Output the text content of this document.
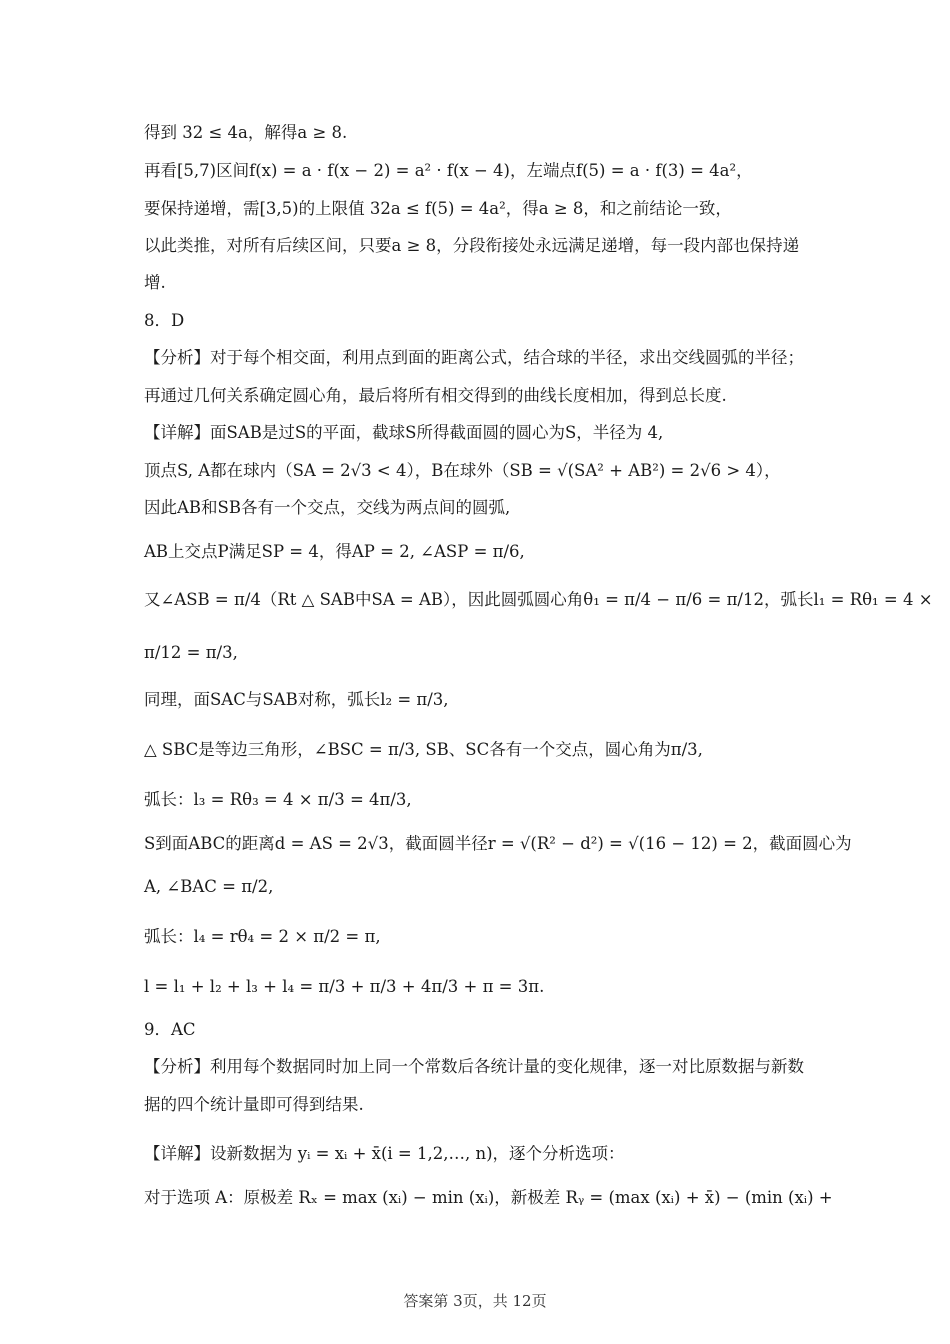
得到 32 ≤ 4a，解得a ≥ 8.
再看[5,7)区间f(x) = a · f(x − 2) = a² · f(x − 4)，左端点f(5) = a · f(3) = 4a²，
要保持递增，需[3,5)的上限值 32a ≤ f(5) = 4a²，得a ≥ 8，和之前结论一致，
以此类推，对所有后续区间，只要a ≥ 8，分段衔接处永远满足递增，每一段内部也保持递
增.
8．D
【分析】对于每个相交面，利用点到面的距离公式，结合球的半径，求出交线圆弧的半径；
再通过几何关系确定圆心角，最后将所有相交得到的曲线长度相加，得到总长度.
【详解】面SAB是过S的平面，截球S所得截面圆的圆心为S，半径为 4,
顶点S, A都在球内（SA = 2√3 < 4），B在球外（SB = √(SA² + AB²) = 2√6 > 4），
因此AB和SB各有一个交点，交线为两点间的圆弧,
AB上交点P满足SP = 4，得AP = 2, ∠ASP = π/6,
又∠ASB = π/4（Rt △ SAB中SA = AB），因此圆弧圆心角θ₁ = π/4 − π/6 = π/12，弧长l₁ = Rθ₁ = 4 ×
π/12 = π/3,
同理，面SAC与SAB对称，弧长l₂ = π/3,
△ SBC是等边三角形，∠BSC = π/3, SB、SC各有一个交点，圆心角为π/3,
弧长：l₃ = Rθ₃ = 4 × π/3 = 4π/3,
S到面ABC的距离d = AS = 2√3，截面圆半径r = √(R² − d²) = √(16 − 12) = 2，截面圆心为
A, ∠BAC = π/2,
弧长：l₄ = rθ₄ = 2 × π/2 = π,
l = l₁ + l₂ + l₃ + l₄ = π/3 + π/3 + 4π/3 + π = 3π.
9．AC
【分析】利用每个数据同时加上同一个常数后各统计量的变化规律，逐一对比原数据与新数
据的四个统计量即可得到结果.
【详解】设新数据为 yᵢ = xᵢ + x̄(i = 1,2,…, n)，逐个分析选项：
对于选项 A：原极差 Rₓ = max (xᵢ) − min (xᵢ)，新极差 Rᵧ = (max (xᵢ) + x̄) − (min (xᵢ) +
答案第 3页，共 12页
